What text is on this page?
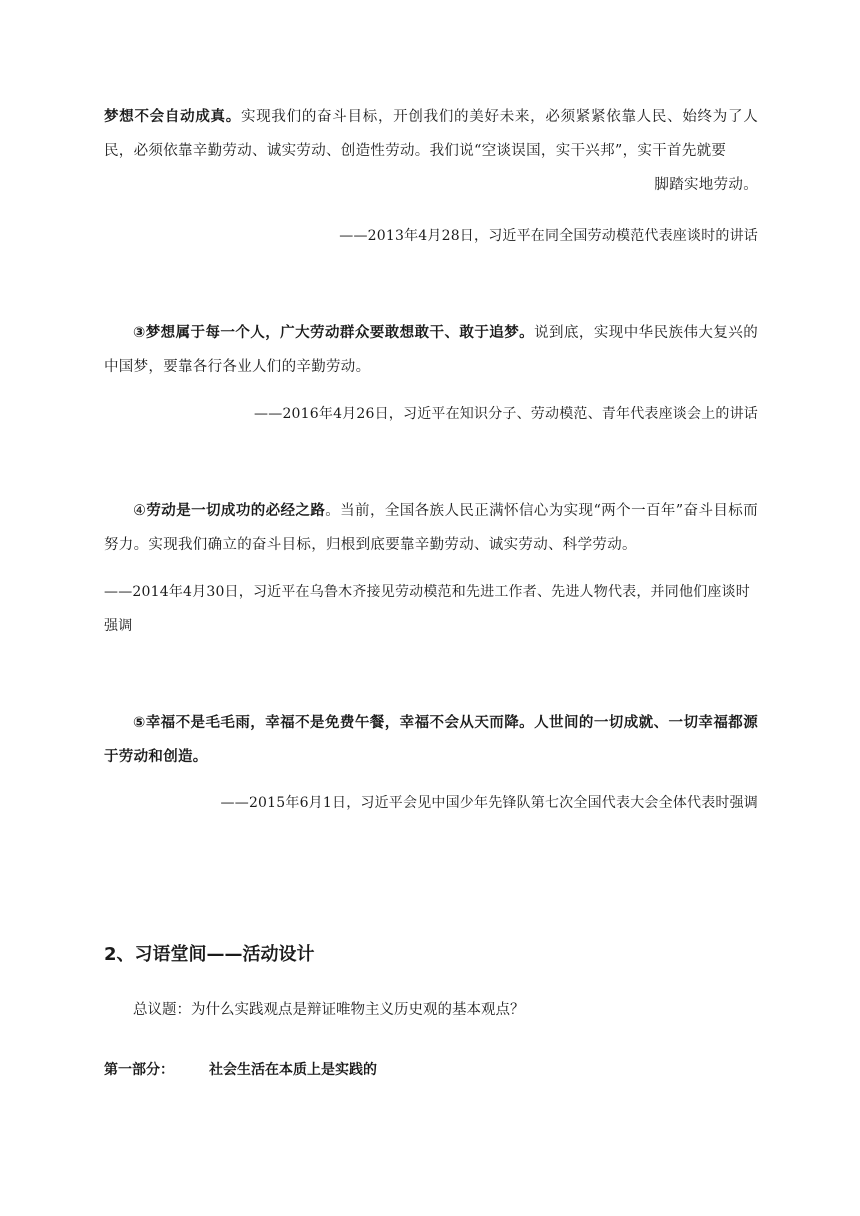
梦想不会自动成真。实现我们的奋斗目标，开创我们的美好未来，必须紧紧依靠人民、始终为了人民，必须依靠辛勤劳动、诚实劳动、创造性劳动。我们说“空谈误国，实干兴邦”，实干首先就要
脚踏实地劳动。
——2013年4月28日，习近平在同全国劳动模范代表座谈时的讲话
③梦想属于每一个人，广大劳动群众要敢想敢干、敢于追梦。说到底，实现中华民族伟大复兴的中国梦，要靠各行各业人们的辛勤劳动。
——2016年4月26日，习近平在知识分子、劳动模范、青年代表座谈会上的讲话
④劳动是一切成功的必经之路。当前，全国各族人民正满怀信心为实现“两个一百年”奋斗目标而努力。实现我们确立的奋斗目标，归根到底要靠辛勤劳动、诚实劳动、科学劳动。
——2014年4月30日，习近平在乌鲁木齐接见劳动模范和先进工作者、先进人物代表，并同他们座谈时强调
⑤幸福不是毛毛雨，幸福不是免费午餐，幸福不会从天而降。人世间的一切成就、一切幸福都源于劳动和创造。
——2015年6月1日，习近平会见中国少年先锋队第七次全国代表大会全体代表时强调
2、习语堂间——活动设计
总议题：为什么实践观点是辩证唯物主义历史观的基本观点？
第一部分：	社会生活在本质上是实践的
